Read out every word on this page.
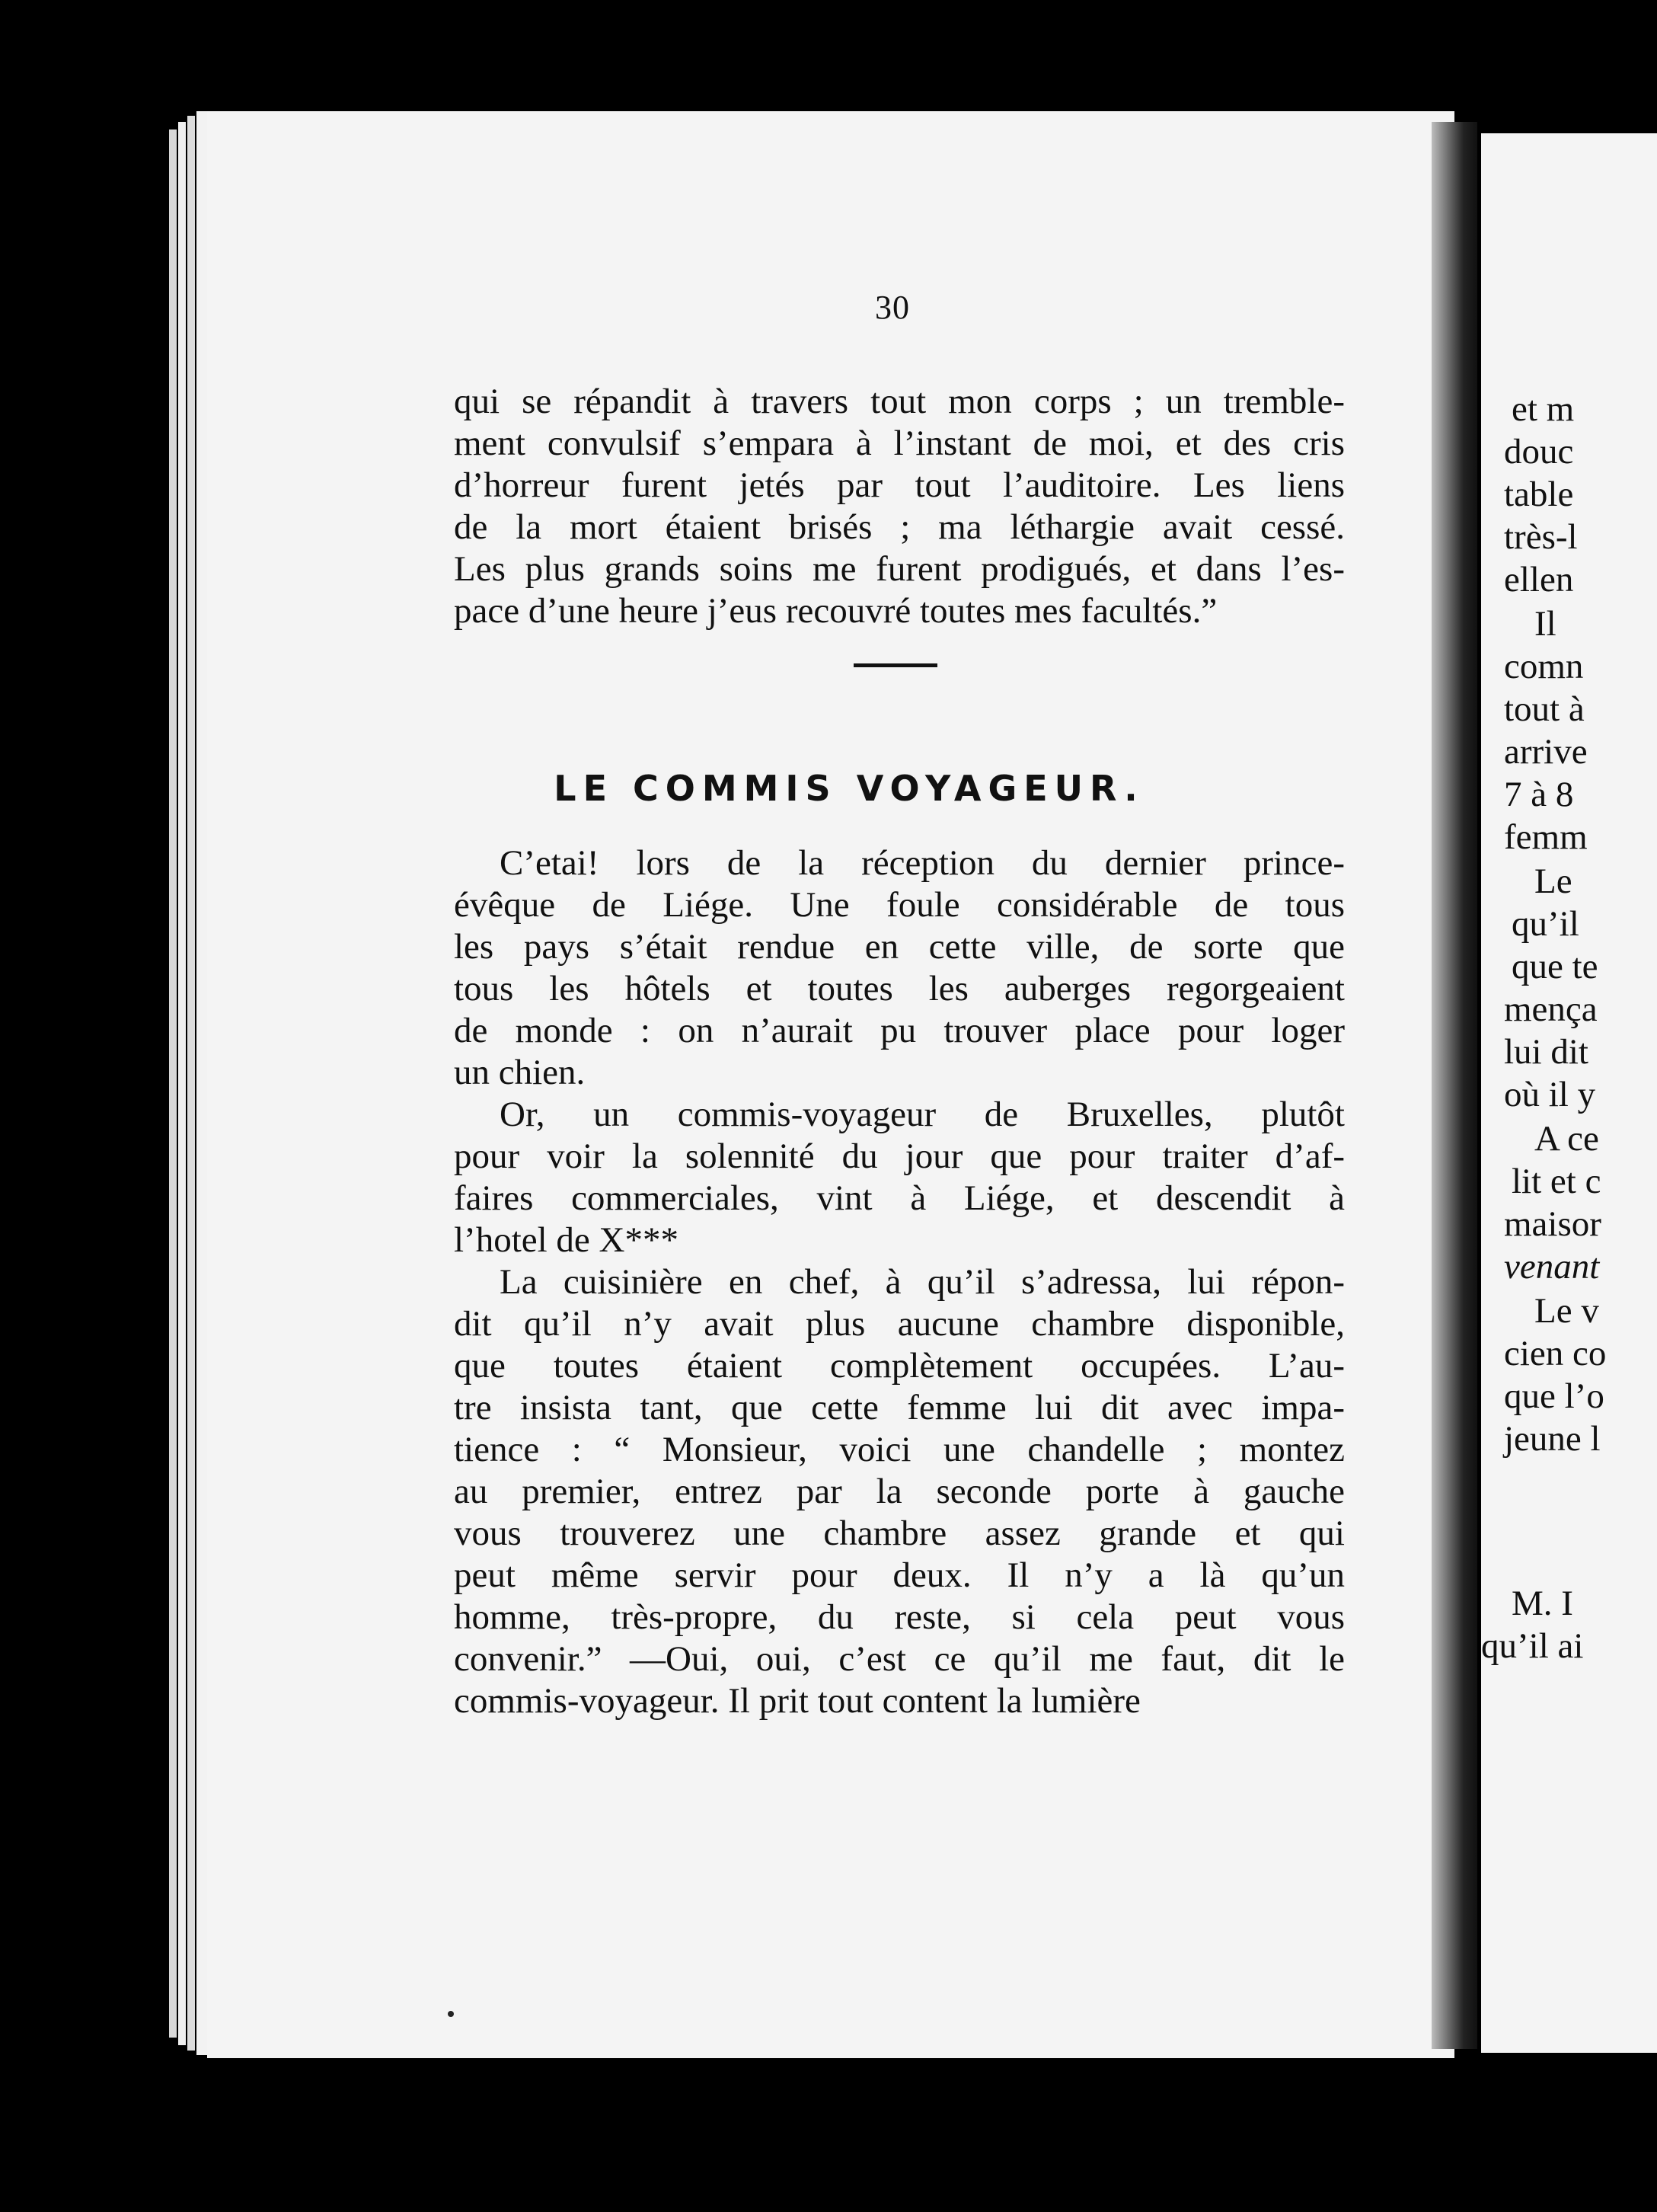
et m
douc
table
très-l
ellen
Il
comn
tout à
arrive
7 à 8
femm
Le
qu’il
que te
mença
lui dit
où il y
A ce
lit et c
maisor
venant
Le v
cien co
que l’o
jeune l
M. I
qu’il ai
30
qui se répandit à travers tout mon corps ; un tremble-
ment convulsif s’empara à l’instant de moi, et des cris
d’horreur furent jetés par tout l’auditoire. Les liens
de la mort étaient brisés ; ma léthargie avait cessé.
Les plus grands soins me furent prodigués, et dans l’es-
pace d’une heure j’eus recouvré toutes mes facultés.”
LE COMMIS VOYAGEUR.
C’etai! lors de la réception du dernier prince-
évêque de Liége. Une foule considérable de tous
les pays s’était rendue en cette ville, de sorte que
tous les hôtels et toutes les auberges regorgeaient
de monde : on n’aurait pu trouver place pour loger
un chien.
Or, un commis-voyageur de Bruxelles, plutôt
pour voir la solennité du jour que pour traiter d’af-
faires commerciales, vint à Liége, et descendit à
l’hotel de X***
La cuisinière en chef, à qu’il s’adressa, lui répon-
dit qu’il n’y avait plus aucune chambre disponible,
que toutes étaient complètement occupées. L’au-
tre insista tant, que cette femme lui dit avec impa-
tience : “ Monsieur, voici une chandelle ; montez
au premier, entrez par la seconde porte à gauche
vous trouverez une chambre assez grande et qui
peut même servir pour deux. Il n’y a là qu’un
homme, très-propre, du reste, si cela peut vous
convenir.” —Oui, oui, c’est ce qu’il me faut, dit le
commis-voyageur. Il prit tout content la lumière
